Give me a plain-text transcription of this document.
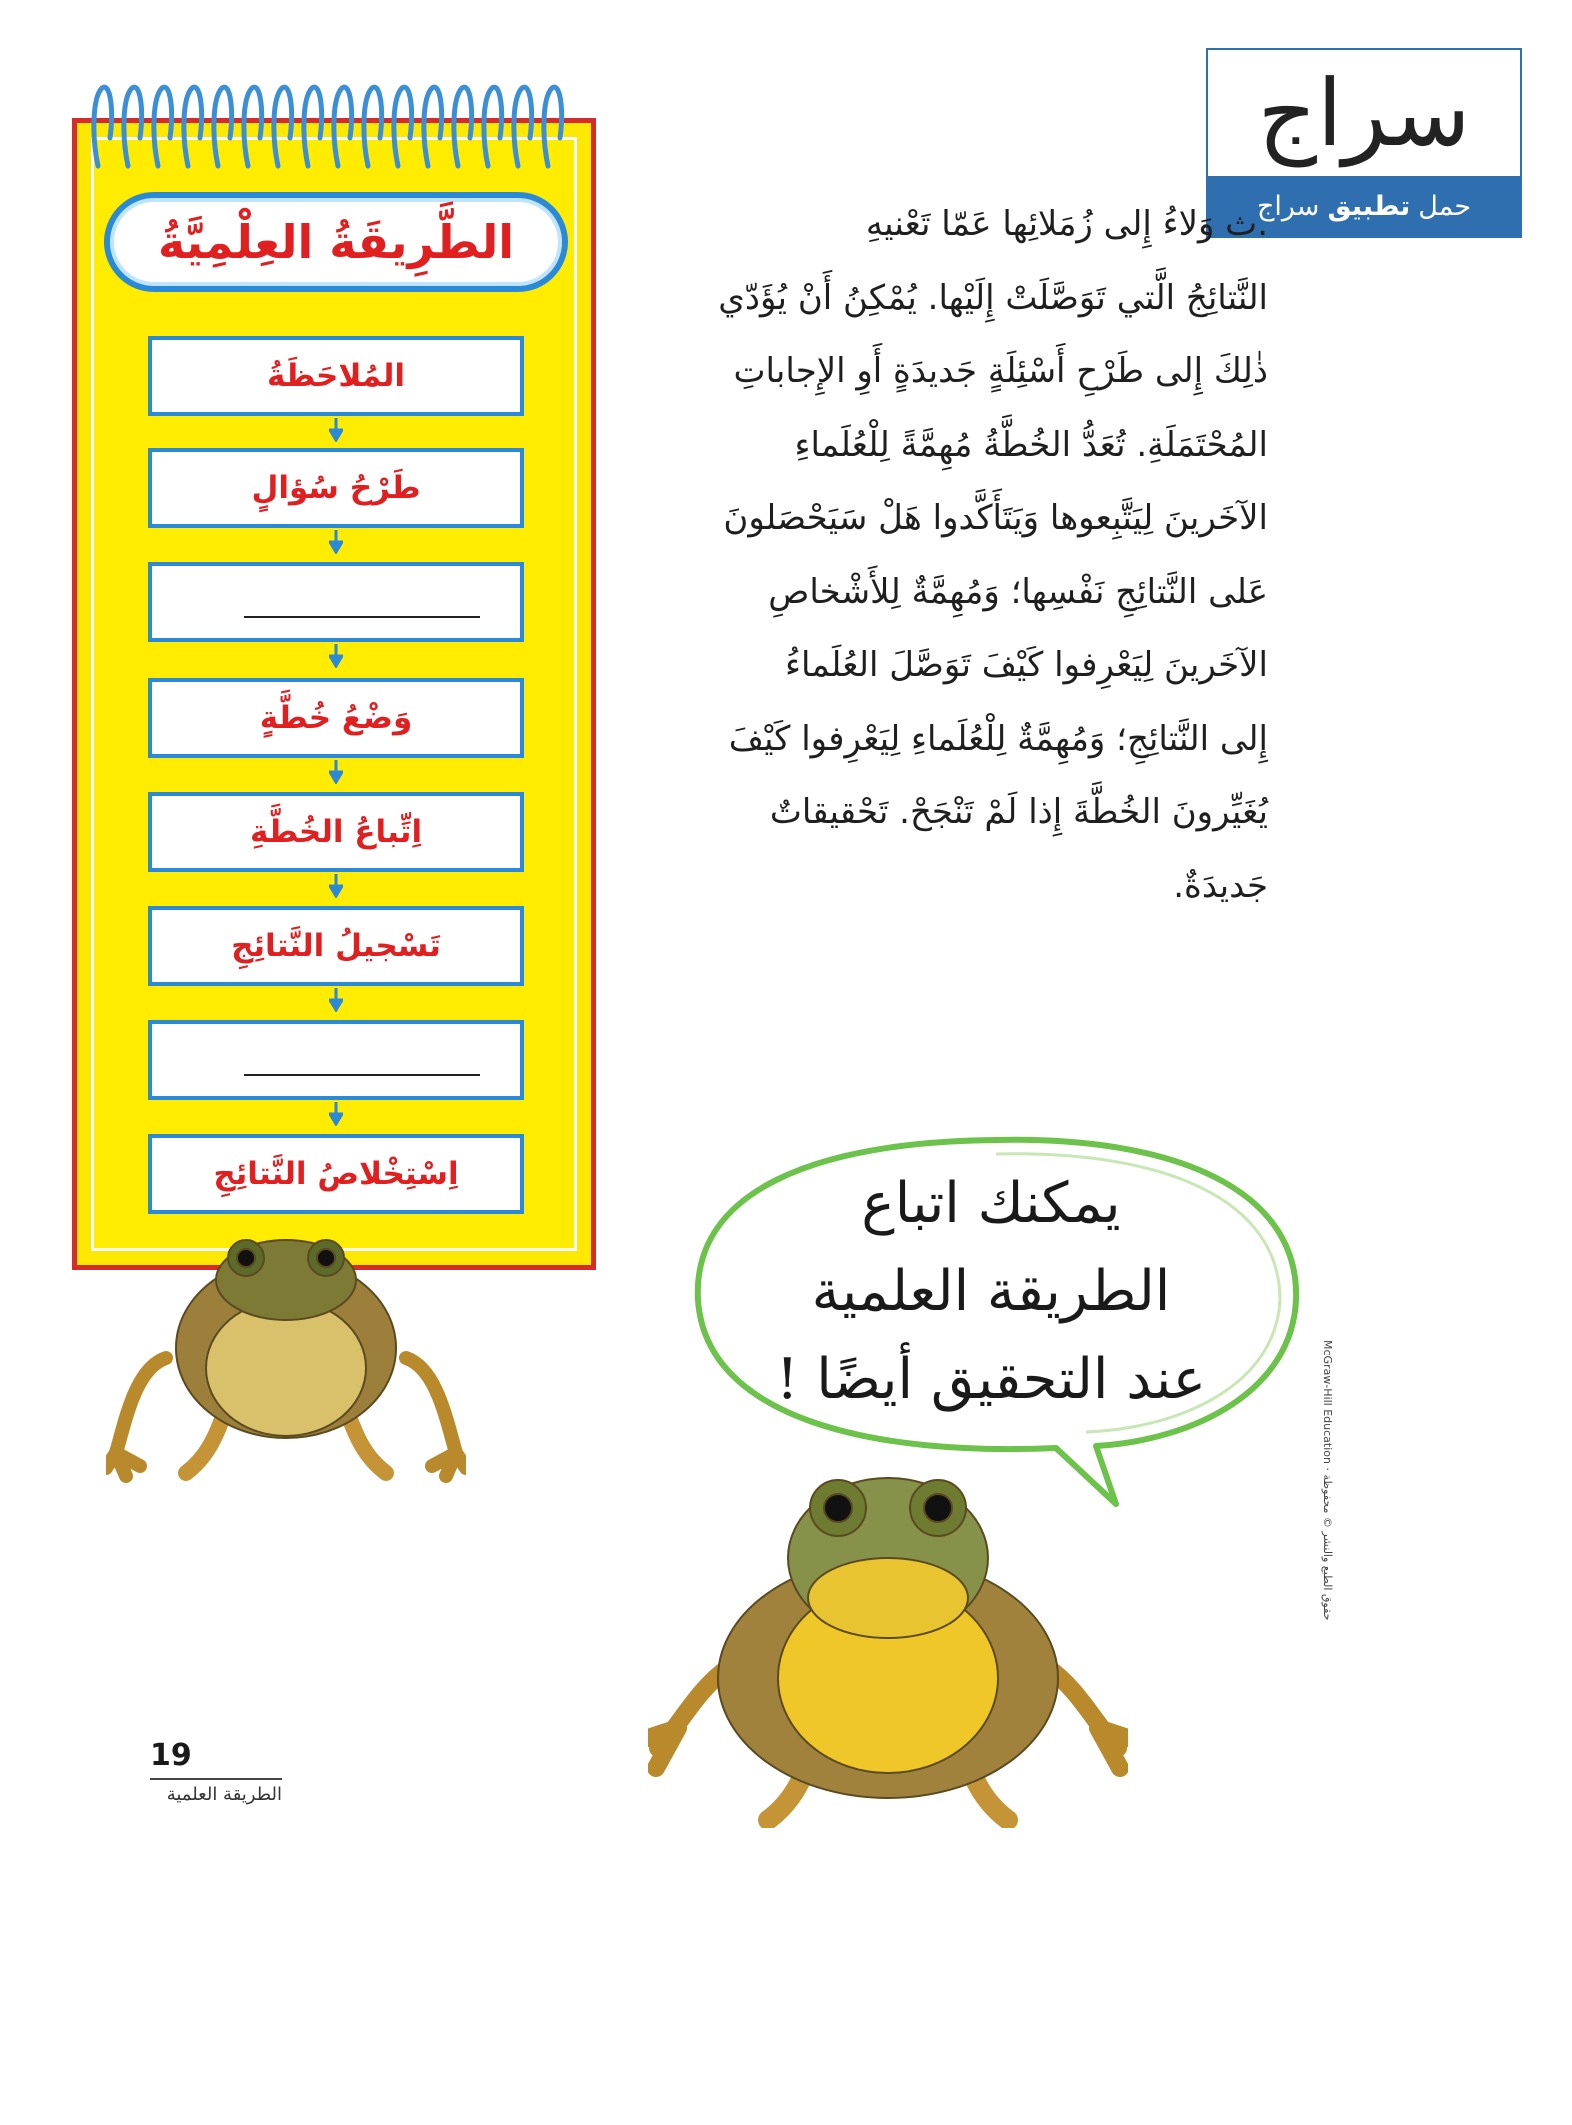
سراج
حمل
تطبيق
سراج
.ث وَلاءُ إِلى زُمَلائِها عَمّا تَعْنيهِ
النَّتائِجُ الَّتي تَوَصَّلَتْ إِلَيْها. يُمْكِنُ أَنْ يُؤَدّي
ذٰلِكَ إِلى طَرْحِ أَسْئِلَةٍ جَديدَةٍ أَوِ الإِجاباتِ
المُحْتَمَلَةِ. تُعَدُّ الخُطَّةُ مُهِمَّةً لِلْعُلَماءِ
الآخَرينَ لِيَتَّبِعوها وَيَتَأَكَّدوا هَلْ سَيَحْصَلونَ
عَلى النَّتائِجِ نَفْسِها؛ وَمُهِمَّةٌ لِلأَشْخاصِ
الآخَرينَ لِيَعْرِفوا كَيْفَ تَوَصَّلَ العُلَماءُ
إِلى النَّتائِجِ؛ وَمُهِمَّةٌ لِلْعُلَماءِ لِيَعْرِفوا كَيْفَ
يُغَيِّرونَ الخُطَّةَ إِذا لَمْ تَنْجَحْ. تَحْقيقاتٌ
جَديدَةٌ.
الطَّرِيقَةُ العِلْمِيَّةُ
المُلاحَظَةُ
طَرْحُ سُؤالٍ
وَضْعُ خُطَّةٍ
اِتِّباعُ الخُطَّةِ
تَسْجيلُ النَّتائِجِ
اِسْتِخْلاصُ النَّتائِجِ	يمكنك اتباع
الطريقة العلمية
عند التحقيق أيضًا !	McGraw-Hill Education · حقوق الطبع والنشر © محفوظة
19
الطريقة العلمية
